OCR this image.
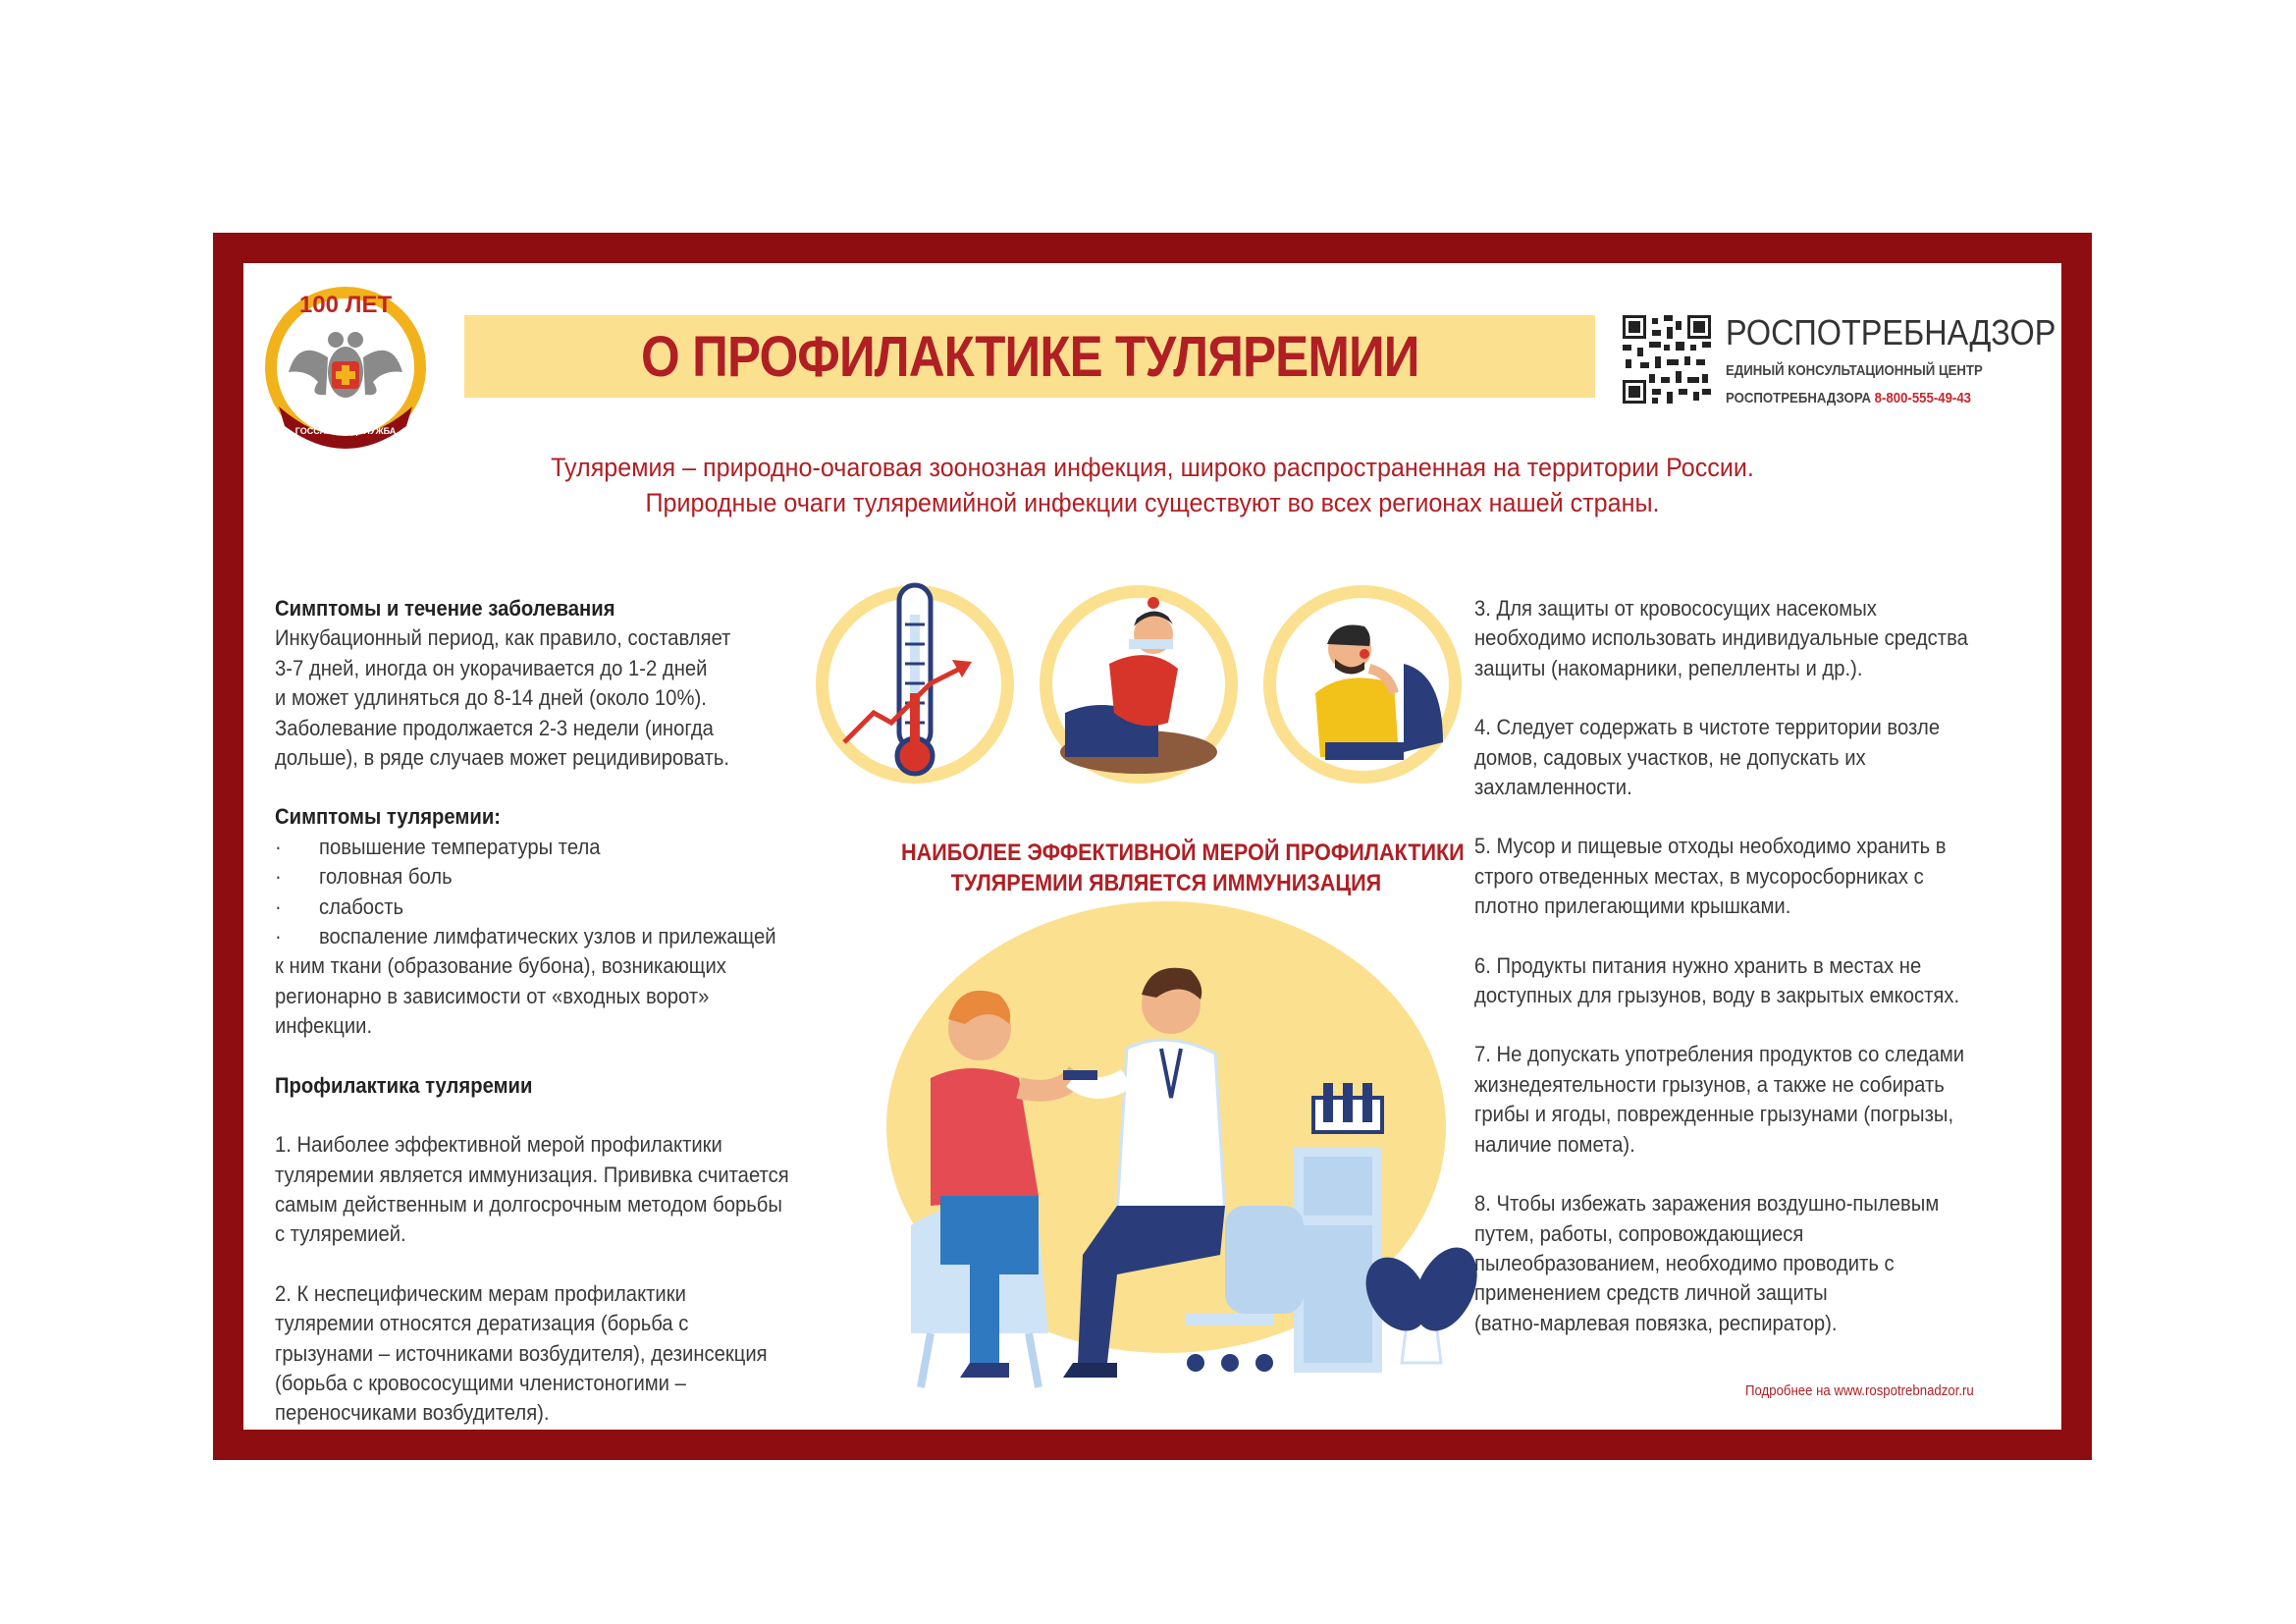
100 ЛЕТ
ГОССАНЭПИДСЛУЖБА
О ПРОФИЛАКТИКЕ ТУЛЯРЕМИИ	РОСПОТРЕБНАДЗОР
ЕДИНЫЙ КОНСУЛЬТАЦИОННЫЙ ЦЕНТР
РОСПОТРЕБНАДЗОРА 8-800-555-49-43
Туляремия – природно-очаговая зоонозная инфекция, широко распространенная на территории России.
Природные очаги туляремийной инфекции существуют во всех регионах нашей страны.
Симптомы и течение заболевания
Инкубационный период, как правило, составляет
3-7 дней, иногда он укорачивается до 1-2 дней
и может удлиняться до 8-14 дней (около 10%).
Заболевание продолжается 2-3 недели (иногда
дольше), в ряде случаев может рецидивировать.
Симптомы туляремии:
· повышение температуры тела
· головная боль
· слабость
· воспаление лимфатических узлов и прилежащей
к ним ткани (образование бубона), возникающих
регионарно в зависимости от «входных ворот»
инфекции.
Профилактика туляремии
1. Наиболее эффективной мерой профилактики
туляремии является иммунизация. Прививка считается
самым действенным и долгосрочным методом борьбы
с туляремией.
2. К неспецифическим мерам профилактики
туляремии относятся дератизация (борьба с
грызунами – источниками возбудителя), дезинсекция
(борьба с кровососущими членистоногими –
переносчиками возбудителя).
НАИБОЛЕЕ ЭФФЕКТИВНОЙ МЕРОЙ ПРОФИЛАКТИКИ
ТУЛЯРЕМИИ ЯВЛЯЕТСЯ ИММУНИЗАЦИЯ
3. Для защиты от кровососущих насекомых
необходимо использовать индивидуальные средства
защиты (накомарники, репелленты и др.).
4. Следует содержать в чистоте территории возле
домов, садовых участков, не допускать их
захламленности.
5. Мусор и пищевые отходы необходимо хранить в
строго отведенных местах, в мусоросборниках с
плотно прилегающими крышками.
6. Продукты питания нужно хранить в местах не
доступных для грызунов, воду в закрытых емкостях.
7. Не допускать употребления продуктов со следами
жизнедеятельности грызунов, а также не собирать
грибы и ягоды, поврежденные грызунами (погрызы,
наличие помета).
8. Чтобы избежать заражения воздушно-пылевым
путем, работы, сопровождающиеся
пылеобразованием, необходимо проводить с
применением средств личной защиты
(ватно-марлевая повязка, респиратор).
Подробнее на www.rospotrebnadzor.ru
